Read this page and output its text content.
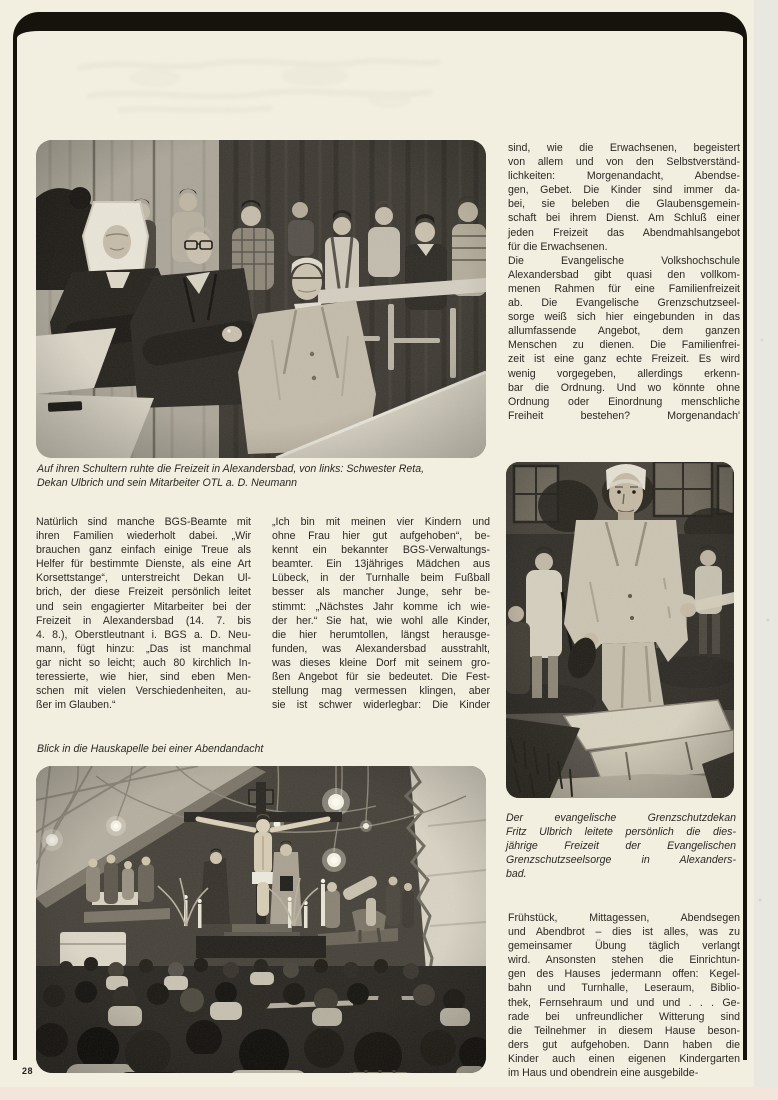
Auf ihren Schultern ruhte die Freizeit in Alexandersbad, von links: Schwester Reta,
Dekan Ulbrich und sein Mitarbeiter OTL a. D. Neumann
sind, wie die Erwachsenen, begeistert
von allem und von den Selbstverständ-
lichkeiten: Morgenandacht, Abendse-
gen, Gebet. Die Kinder sind immer da-
bei, sie beleben die Glaubensgemein-
schaft bei ihrem Dienst. Am Schluß einer
jeden Freizeit das Abendmahlsangebot
für die Erwachsenen.
Die Evangelische Volkshochschule
Alexandersbad gibt quasi den vollkom-
menen Rahmen für eine Familienfreizeit
ab. Die Evangelische Grenzschutzseel-
sorge weiß sich hier eingebunden in das
allumfassende Angebot, dem ganzen
Menschen zu dienen. Die Familienfrei-
zeit ist eine ganz echte Freizeit. Es wird
wenig vorgegeben, allerdings erkenn-
bar die Ordnung. Und wo könnte ohne
Ordnung oder Einordnung menschliche
Freiheit bestehen? Morgenandach'
Natürlich sind manche BGS-Beamte mit
ihren Familien wiederholt dabei. „Wir
brauchen ganz einfach einige Treue als
Helfer für bestimmte Dienste, als eine Art
Korsettstange“, unterstreicht Dekan Ul-
brich, der diese Freizeit persönlich leitet
und sein engagierter Mitarbeiter bei der
Freizeit in Alexandersbad (14. 7. bis
4. 8.), Oberstleutnant i. BGS a. D. Neu-
mann, fügt hinzu: „Das ist manchmal
gar nicht so leicht; auch 80 kirchlich In-
teressierte, wie hier, sind eben Men-
schen mit vielen Verschiedenheiten, au-
ßer im Glauben.“
„Ich bin mit meinen vier Kindern und
ohne Frau hier gut aufgehoben“, be-
kennt ein bekannter BGS-Verwaltungs-
beamter. Ein 13jähriges Mädchen aus
Lübeck, in der Turnhalle beim Fußball
besser als mancher Junge, sehr be-
stimmt: „Nächstes Jahr komme ich wie-
der her.“ Sie hat, wie wohl alle Kinder,
die hier herumtollen, längst herausge-
funden, was Alexandersbad ausstrahlt,
was dieses kleine Dorf mit seinem gro-
ßen Angebot für sie bedeutet. Die Fest-
stellung mag vermessen klingen, aber
sie ist schwer widerlegbar: Die Kinder
Blick in die Hauskapelle bei einer Abendandacht
Der evangelische Grenzschutzdekan
Fritz Ulbrich leitete persönlich die dies-
jährige Freizeit der Evangelischen
Grenzschutzseelsorge in Alexanders-
bad.
Frühstück, Mittagessen, Abendsegen
und Abendbrot – dies ist alles, was zu
gemeinsamer Übung täglich verlangt
wird. Ansonsten stehen die Einrichtun-
gen des Hauses jedermann offen: Kegel-
bahn und Turnhalle, Leseraum, Biblio-
thek, Fernsehraum und und und . . . Ge-
rade bei unfreundlicher Witterung sind
die Teilnehmer in diesem Hause beson-
ders gut aufgehoben. Dann haben die
Kinder auch einen eigenen Kindergarten
im Haus und obendrein eine ausgebilde-
28
